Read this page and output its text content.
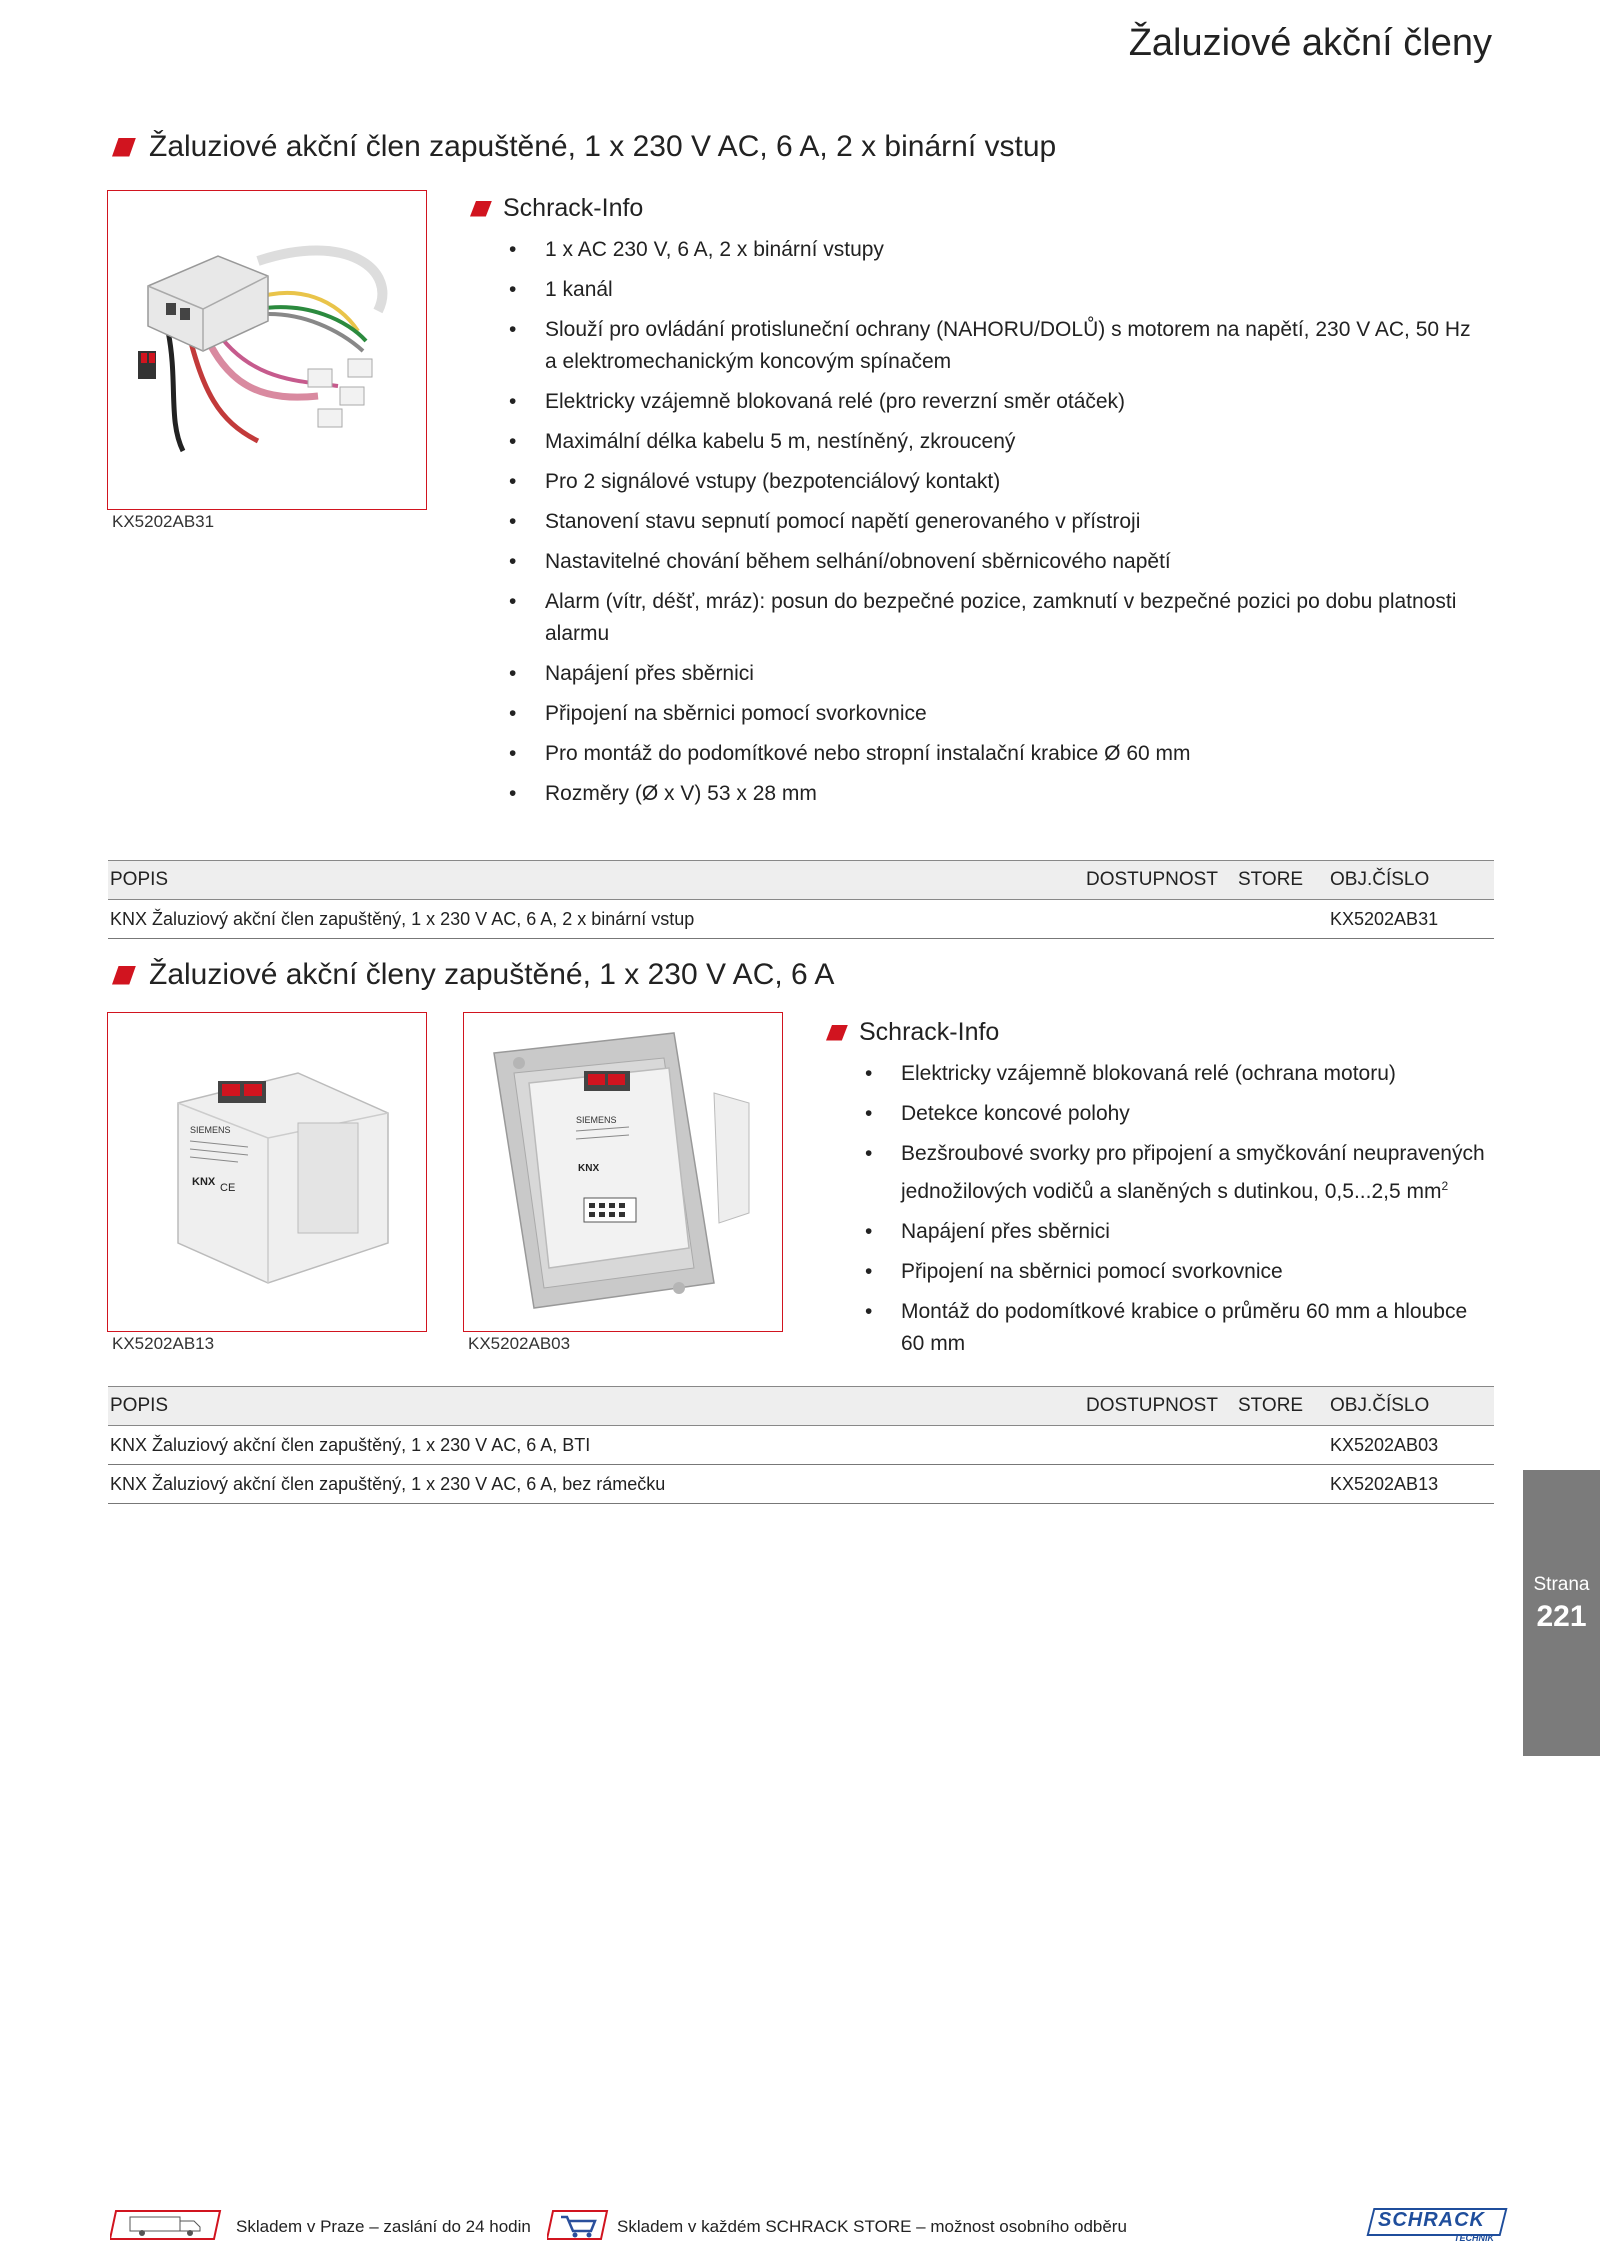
Žaluziové akční členy
Žaluziové akční člen zapuštěné, 1 x 230 V AC, 6 A, 2 x binární vstup
KX5202AB31
Schrack-Info
• 1 x AC 230 V, 6 A, 2 x binární vstupy
• 1 kanál
• Slouží pro ovládání protisluneční ochrany (NAHORU/DOLŮ) s motorem na napětí, 230 V AC, 50 Hz a elektromechanickým koncovým spínačem
• Elektricky vzájemně blokovaná relé (pro reverzní směr otáček)
• Maximální délka kabelu 5 m, nestíněný, zkroucený
• Pro 2 signálové vstupy (bezpotenciálový kontakt)
• Stanovení stavu sepnutí pomocí napětí generovaného v přístroji
• Nastavitelné chování během selhání/obnovení sběrnicového napětí
• Alarm (vítr, déšť, mráz): posun do bezpečné pozice, zamknutí v bezpečné pozici po dobu platnosti alarmu
• Napájení přes sběrnici
• Připojení na sběrnici pomocí svorkovnice
• Pro montáž do podomítkové nebo stropní instalační krabice Ø 60 mm
• Rozměry (Ø x V) 53 x 28 mm
POPIS	DOSTUPNOST STORE OBJ.ČÍSLO
KNX Žaluziový akční člen zapuštěný, 1 x 230 V AC, 6 A, 2 x binární vstup	KX5202AB31
Žaluziové akční členy zapuštěné, 1 x 230 V AC, 6 A
SIEMENS
KNX CE
KX5202AB13
SIEMENS
KNX
KX5202AB03
Schrack-Info
• Elektricky vzájemně blokovaná relé (ochrana motoru)
• Detekce koncové polohy
• Bezšroubové svorky pro připojení a smyčkování neupravených jednožilových vodičů a slaněných s dutinkou, 0,5...2,5 $mm^2$
• Napájení přes sběrnici
• Připojení na sběrnici pomocí svorkovnice
• Montáž do podomítkové krabice o průměru 60 mm a hloubce 60 mm
POPIS	DOSTUPNOST STORE OBJ.ČÍSLO
KNX Žaluziový akční člen zapuštěný, 1 x 230 V AC, 6 A, BTI	KX5202AB03
KNX Žaluziový akční člen zapuštěný, 1 x 230 V AC, 6 A, bez rámečku	KX5202AB13
Strana
221
Skladem v Praze – zaslání do 24 hodin	Skladem v každém SCHRACK STORE – možnost osobního odběru	SCHRACK
TECHNIK
